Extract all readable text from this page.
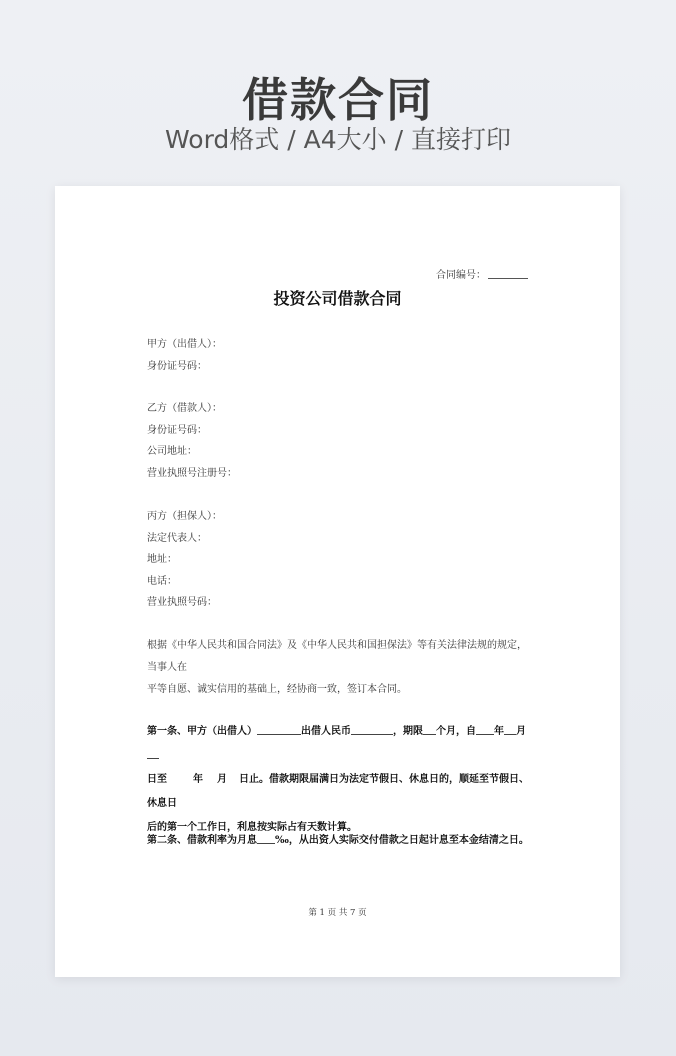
借款合同
Word格式 / A4大小 / 直接打印
合同编号：
投资公司借款合同
甲方（出借人）：
身份证号码：
乙方（借款人）：
身份证号码：
公司地址：
营业执照号注册号：
丙方（担保人）：
法定代表人：
地址：
电话：
营业执照号码：
根据《中华人民共和国合同法》及《中华人民共和国担保法》等有关法律法规的规定，当事人在
平等自愿、诚实信用的基础上，经协商一致，签订本合同。
第一条、甲方（出借人）	出借人民币	，期限 个月，自 年 月
日至	年 月 日止。借款期限届满日为法定节假日、休息日的，顺延至节假日、休息日
后的第一个工作日，利息按实际占有天数计算。
第二条、借款利率为月息 ‰，从出资人实际交付借款之日起计息至本金结清之日。
第 1 页 共 7 页
